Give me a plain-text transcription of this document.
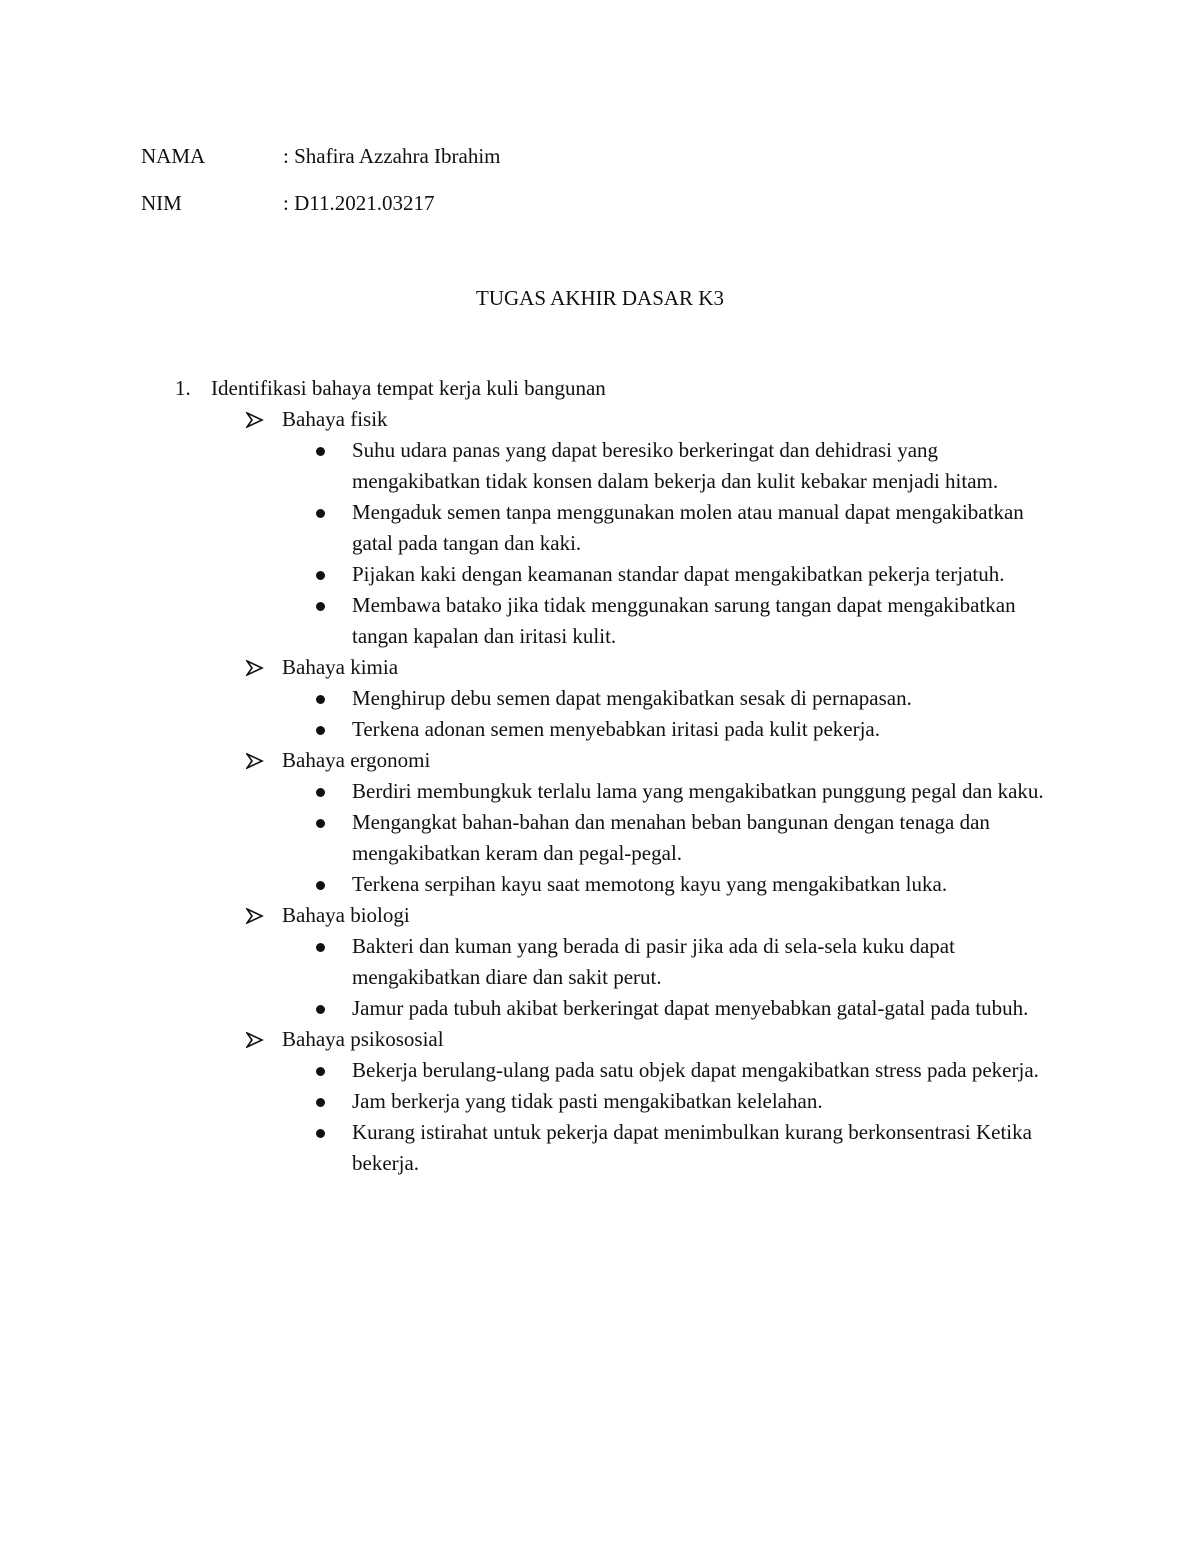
NAMA	: Shafira Azzahra Ibrahim
NIM	: D11.2021.03217
TUGAS AKHIR DASAR K3
1. Identifikasi bahaya tempat kerja kuli bangunan
Bahaya fisik
Suhu udara panas yang dapat beresiko berkeringat dan dehidrasi yang mengakibatkan tidak konsen dalam bekerja dan kulit kebakar menjadi hitam.
Mengaduk semen tanpa menggunakan molen atau manual dapat mengakibatkan gatal pada tangan dan kaki.
Pijakan kaki dengan keamanan standar dapat mengakibatkan pekerja terjatuh.
Membawa batako jika tidak menggunakan sarung tangan dapat mengakibatkan tangan kapalan dan iritasi kulit.
Bahaya kimia
Menghirup debu semen dapat mengakibatkan sesak di pernapasan.
Terkena adonan semen menyebabkan iritasi pada kulit pekerja.
Bahaya ergonomi
Berdiri membungkuk terlalu lama yang mengakibatkan punggung pegal dan kaku.
Mengangkat bahan-bahan dan menahan beban bangunan dengan tenaga dan mengakibatkan keram dan pegal-pegal.
Terkena serpihan kayu saat memotong kayu yang mengakibatkan luka.
Bahaya biologi
Bakteri dan kuman yang berada di pasir jika ada di sela-sela kuku dapat mengakibatkan diare dan sakit perut.
Jamur pada tubuh akibat berkeringat dapat menyebabkan gatal-gatal pada tubuh.
Bahaya psikososial
Bekerja berulang-ulang pada satu objek dapat mengakibatkan stress pada pekerja.
Jam berkerja yang tidak pasti mengakibatkan kelelahan.
Kurang istirahat untuk pekerja dapat menimbulkan kurang berkonsentrasi Ketika bekerja.
